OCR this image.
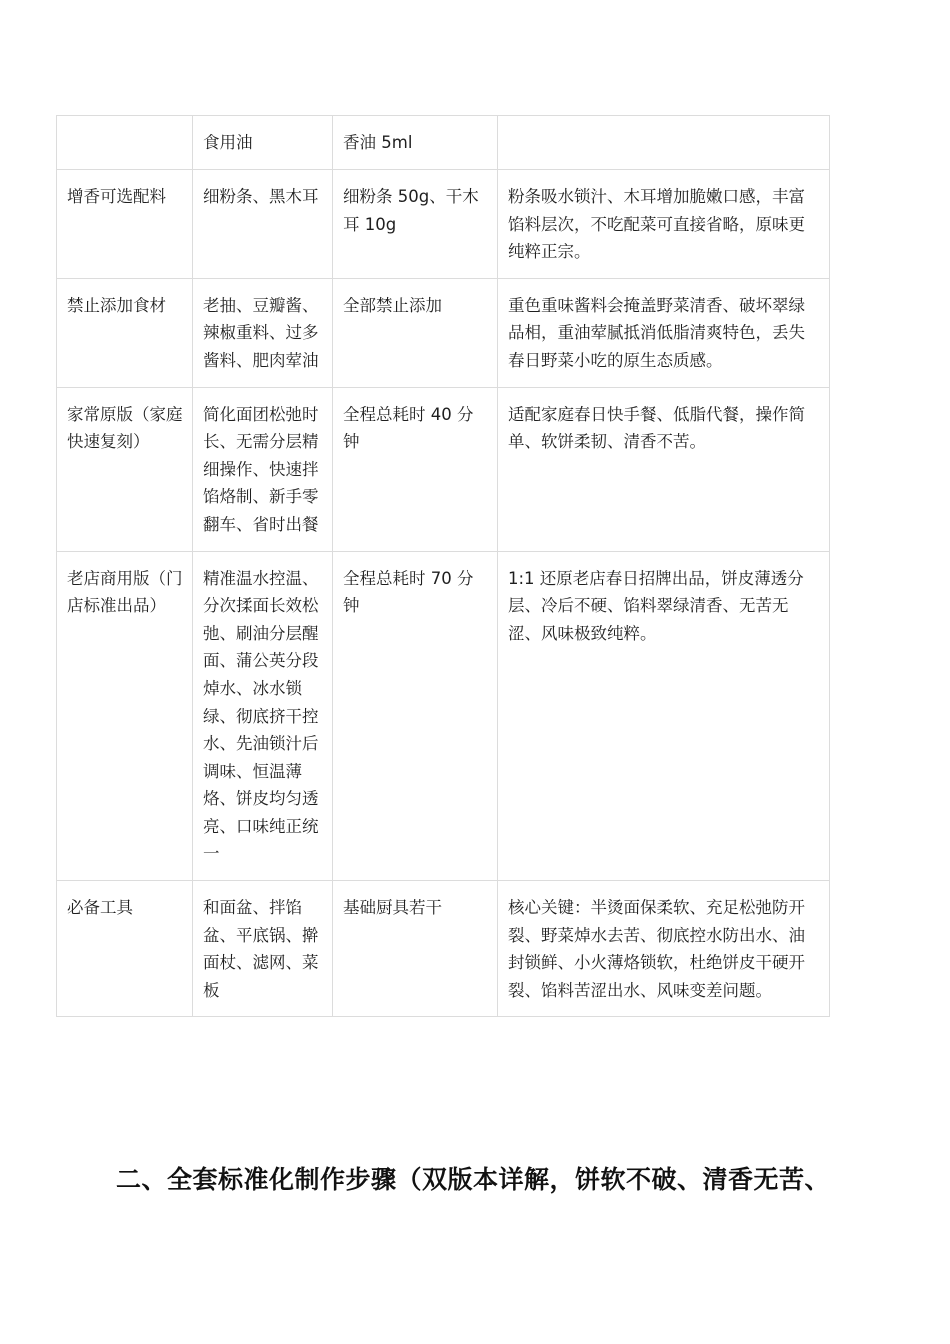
	食用油	香油 5ml	
增香可选配料	细粉条、黑木耳	细粉条 50g、干木耳 10g	粉条吸水锁汁、木耳增加脆嫩口感，丰富馅料层次，不吃配菜可直接省略，原味更纯粹正宗。
禁止添加食材	老抽、豆瓣酱、辣椒重料、过多酱料、肥肉荤油	全部禁止添加	重色重味酱料会掩盖野菜清香、破坏翠绿品相，重油荤腻抵消低脂清爽特色，丢失春日野菜小吃的原生态质感。
家常原版（家庭快速复刻）	简化面团松弛时长、无需分层精细操作、快速拌馅烙制、新手零翻车、省时出餐	全程总耗时 40 分钟	适配家庭春日快手餐、低脂代餐，操作简单、软饼柔韧、清香不苦。
老店商用版（门店标准出品）	精准温水控温、分次揉面长效松弛、刷油分层醒面、蒲公英分段焯水、冰水锁绿、彻底挤干控水、先油锁汁后调味、恒温薄烙、饼皮均匀透亮、口味纯正统一	全程总耗时 70 分钟	1:1 还原老店春日招牌出品，饼皮薄透分层、冷后不硬、馅料翠绿清香、无苦无涩、风味极致纯粹。
必备工具	和面盆、拌馅盆、平底锅、擀面杖、滤网、菜板	基础厨具若干	核心关键：半烫面保柔软、充足松弛防开裂、野菜焯水去苦、彻底控水防出水、油封锁鲜、小火薄烙锁软，杜绝饼皮干硬开裂、馅料苦涩出水、风味变差问题。
二、全套标准化制作步骤（双版本详解，饼软不破、清香无苦、
